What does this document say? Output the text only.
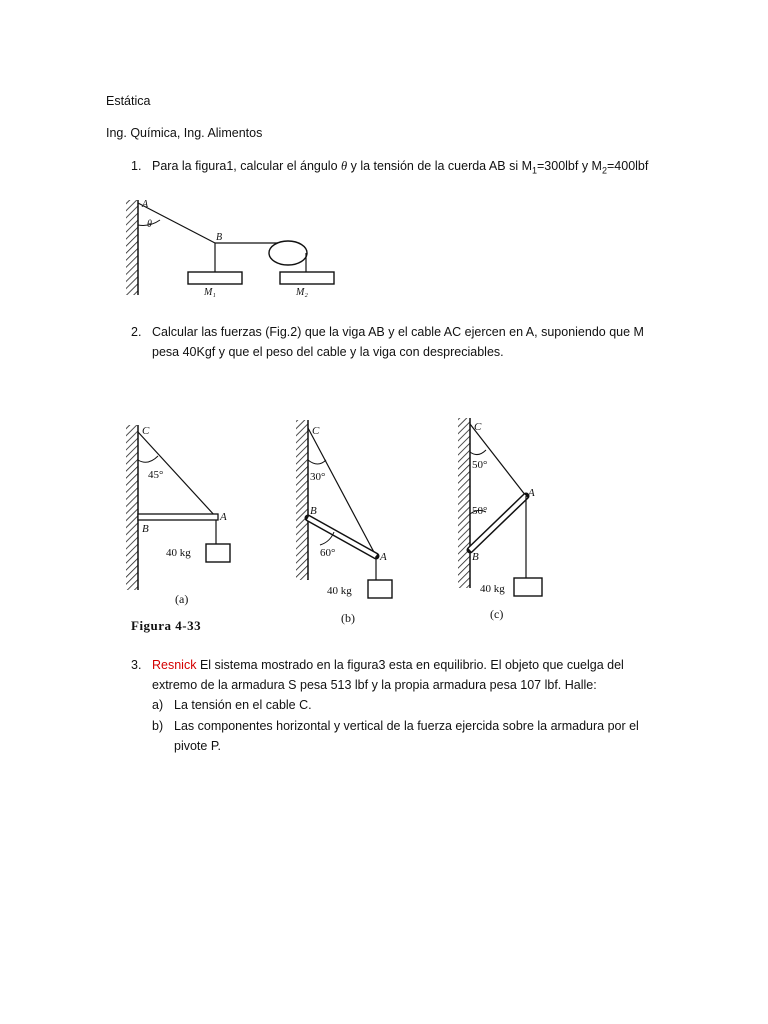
Estática
Ing. Química, Ing. Alimentos
1. Para la figura1, calcular el ángulo θ y la tensión de la cuerda AB si $M_1=300lbf$ y $M_2=400lbf$
A
θ
B
M₁	M₂
2. Calcular las fuerzas (Fig.2) que la viga AB y el cable AC ejercen en A, suponiendo que M
pesa 40Kgf y que el peso del cable y la viga con despreciables.
C
45°
A
B
40 kg
(a)
Figura 4-33
C
30°
B
60°	A
40 kg
(b)
C
50°
A
50°
B
40 kg
(c)
3. Resnick El sistema mostrado en la figura3 esta en equilibrio. El objeto que cuelga del
extremo de la armadura S pesa 513 lbf y la propia armadura pesa 107 lbf. Halle:
a) La tensión en el cable C.
b) Las componentes horizontal y vertical de la fuerza ejercida sobre la armadura por el
pivote P.
